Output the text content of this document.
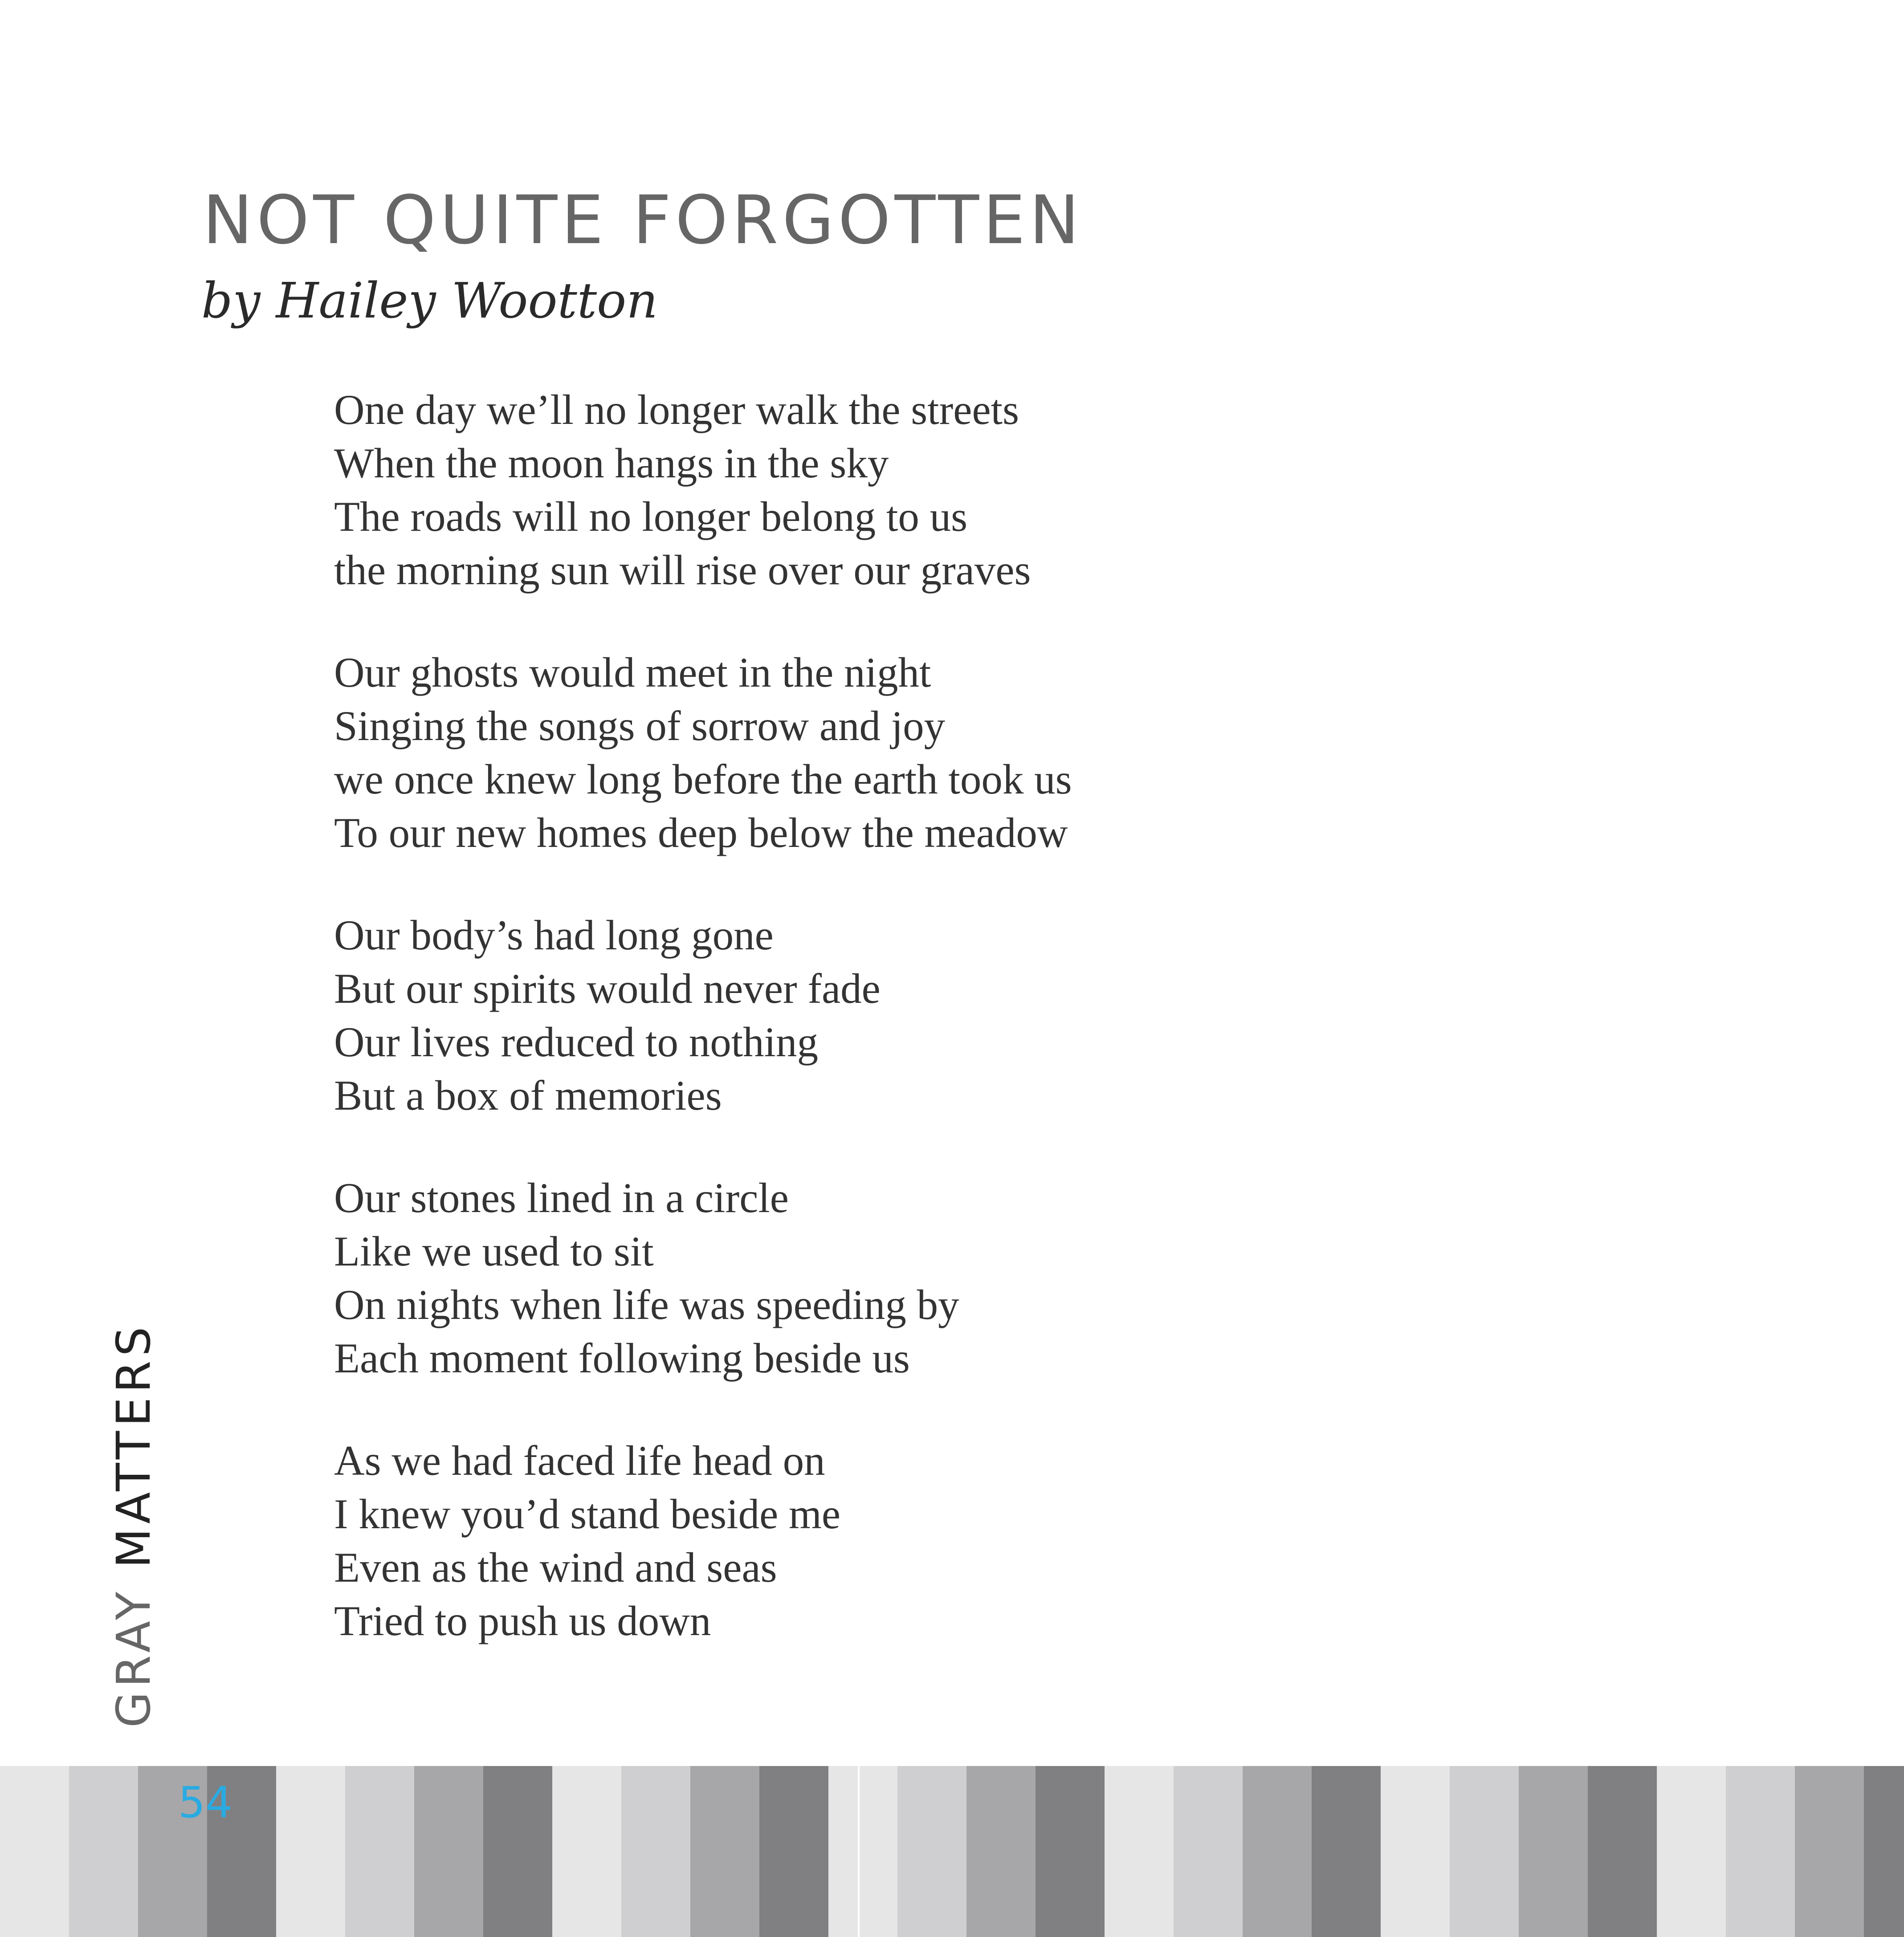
NOT QUITE FORGOTTEN

by Hailey Wootton

One day we’ll no longer walk the streets
When the moon hangs in the sky
The roads will no longer belong to us
the morning sun will rise over our graves
Our ghosts would meet in the night
Singing the songs of sorrow and joy
we once knew long before the earth took us
To our new homes deep below the meadow
Our body’s had long gone
But our spirits would never fade
Our lives reduced to nothing
But a box of memories
Our stones lined in a circle
Like we used to sit
On nights when life was speeding by
Each moment following beside us
As we had faced life head on
I knew you’d stand beside me
Even as the wind and seas
Tried to push us down
GRAY MATTERS
54
